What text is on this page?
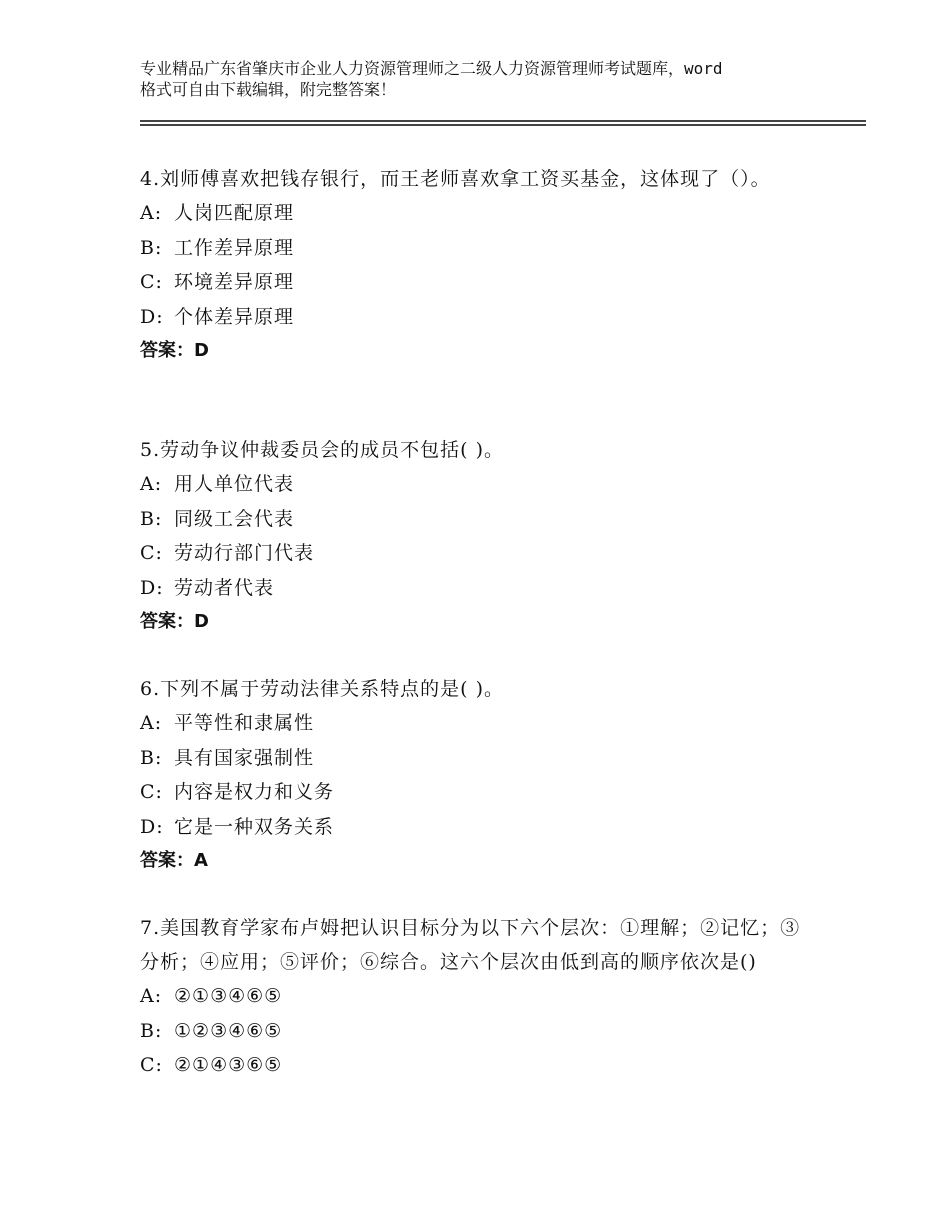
专业精品广东省肇庆市企业人力资源管理师之二级人力资源管理师考试题库，word
格式可自由下载编辑，附完整答案！

4.刘师傅喜欢把钱存银行，而王老师喜欢拿工资买基金，这体现了（）。

A: 人岗匹配原理

B: 工作差异原理

C: 环境差异原理

D: 个体差异原理

答案：D

5.劳动争议仲裁委员会的成员不包括( )。

A: 用人单位代表

B: 同级工会代表

C: 劳动行部门代表

D: 劳动者代表

答案：D

6.下列不属于劳动法律关系特点的是( )。

A: 平等性和隶属性

B: 具有国家强制性

C: 内容是权力和义务

D: 它是一种双务关系

答案：A

7.美国教育学家布卢姆把认识目标分为以下六个层次：①理解；②记忆；③分析；④应用；⑤评价；⑥综合。这六个层次由低到高的顺序依次是()

A: ②①③④⑥⑤

B: ①②③④⑥⑤

C: ②①④③⑥⑤
